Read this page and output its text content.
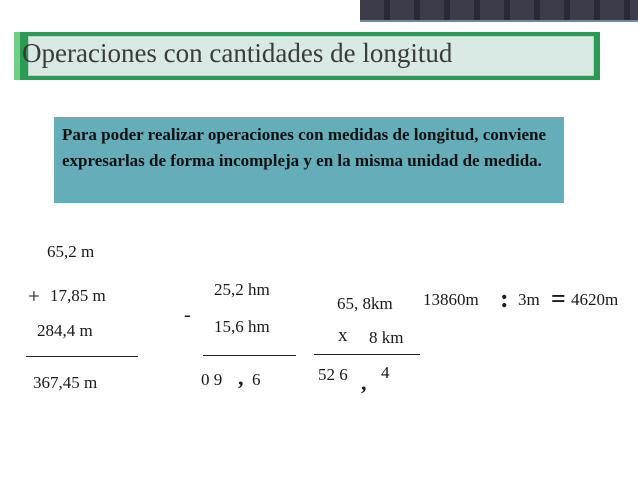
Operaciones con cantidades de longitud
Para poder realizar operaciones con medidas de longitud, conviene expresarlas de forma incompleja y en la misma unidad de medida.
65,2 m
+ 17,85 m
284,4 m
367,45 m
25,2 hm
-
15,6 hm
0 9 , 6
65, 8km
x 8 km
52 6 , 4
13860m : 3m = 4620m
